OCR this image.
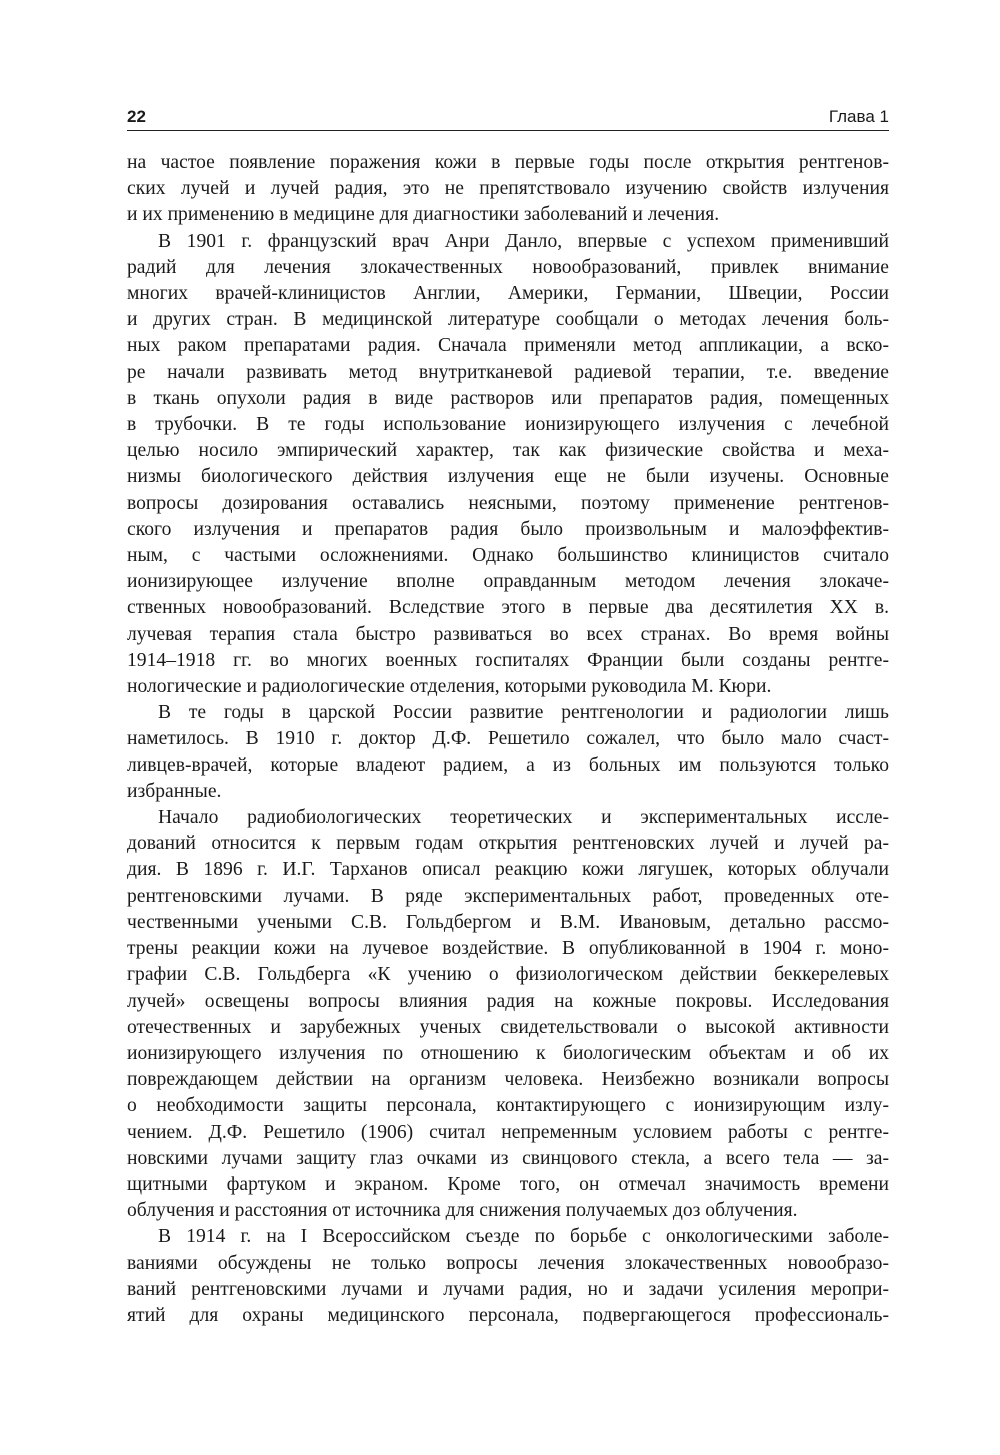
22	Глава 1
на частое появление поражения кожи в первые годы после открытия рентгенов-
ских лучей и лучей радия, это не препятствовало изучению свойств излучения
и их применению в медицине для диагностики заболеваний и лечения.
В 1901 г. французский врач Анри Данло, впервые с успехом применивший
радий для лечения злокачественных новообразований, привлек внимание
многих врачей-клиницистов Англии, Америки, Германии, Швеции, России
и других стран. В медицинской литературе сообщали о методах лечения боль-
ных раком препаратами радия. Сначала применяли метод аппликации, а вско-
ре начали развивать метод внутритканевой радиевой терапии, т.е. введение
в ткань опухоли радия в виде растворов или препаратов радия, помещенных
в трубочки. В те годы использование ионизирующего излучения с лечебной
целью носило эмпирический характер, так как физические свойства и меха-
низмы биологического действия излучения еще не были изучены. Основные
вопросы дозирования оставались неясными, поэтому применение рентгенов-
ского излучения и препаратов радия было произвольным и малоэффектив-
ным, с частыми осложнениями. Однако большинство клиницистов считало
ионизирующее излучение вполне оправданным методом лечения злокаче-
ственных новообразований. Вследствие этого в первые два десятилетия XX в.
лучевая терапия стала быстро развиваться во всех странах. Во время войны
1914–1918 гг. во многих военных госпиталях Франции были созданы рентге-
нологические и радиологические отделения, которыми руководила М. Кюри.
В те годы в царской России развитие рентгенологии и радиологии лишь
наметилось. В 1910 г. доктор Д.Ф. Решетило сожалел, что было мало счаст-
ливцев-врачей, которые владеют радием, а из больных им пользуются только
избранные.
Начало радиобиологических теоретических и экспериментальных иссле-
дований относится к первым годам открытия рентгеновских лучей и лучей ра-
дия. В 1896 г. И.Г. Тарханов описал реакцию кожи лягушек, которых облучали
рентгеновскими лучами. В ряде экспериментальных работ, проведенных оте-
чественными учеными С.В. Гольдбергом и В.М. Ивановым, детально рассмо-
трены реакции кожи на лучевое воздействие. В опубликованной в 1904 г. моно-
графии С.В. Гольдберга «К учению о физиологическом действии беккерелевых
лучей» освещены вопросы влияния радия на кожные покровы. Исследования
отечественных и зарубежных ученых свидетельствовали о высокой активности
ионизирующего излучения по отношению к биологическим объектам и об их
повреждающем действии на организм человека. Неизбежно возникали вопросы
о необходимости защиты персонала, контактирующего с ионизирующим излу-
чением. Д.Ф. Решетило (1906) считал непременным условием работы с рентге-
новскими лучами защиту глаз очками из свинцового стекла, а всего тела — за-
щитными фартуком и экраном. Кроме того, он отмечал значимость времени
облучения и расстояния от источника для снижения получаемых доз облучения.
В 1914 г. на I Всероссийском съезде по борьбе с онкологическими заболе-
ваниями обсуждены не только вопросы лечения злокачественных новообразо-
ваний рентгеновскими лучами и лучами радия, но и задачи усиления меропри-
ятий для охраны медицинского персонала, подвергающегося профессиональ-
